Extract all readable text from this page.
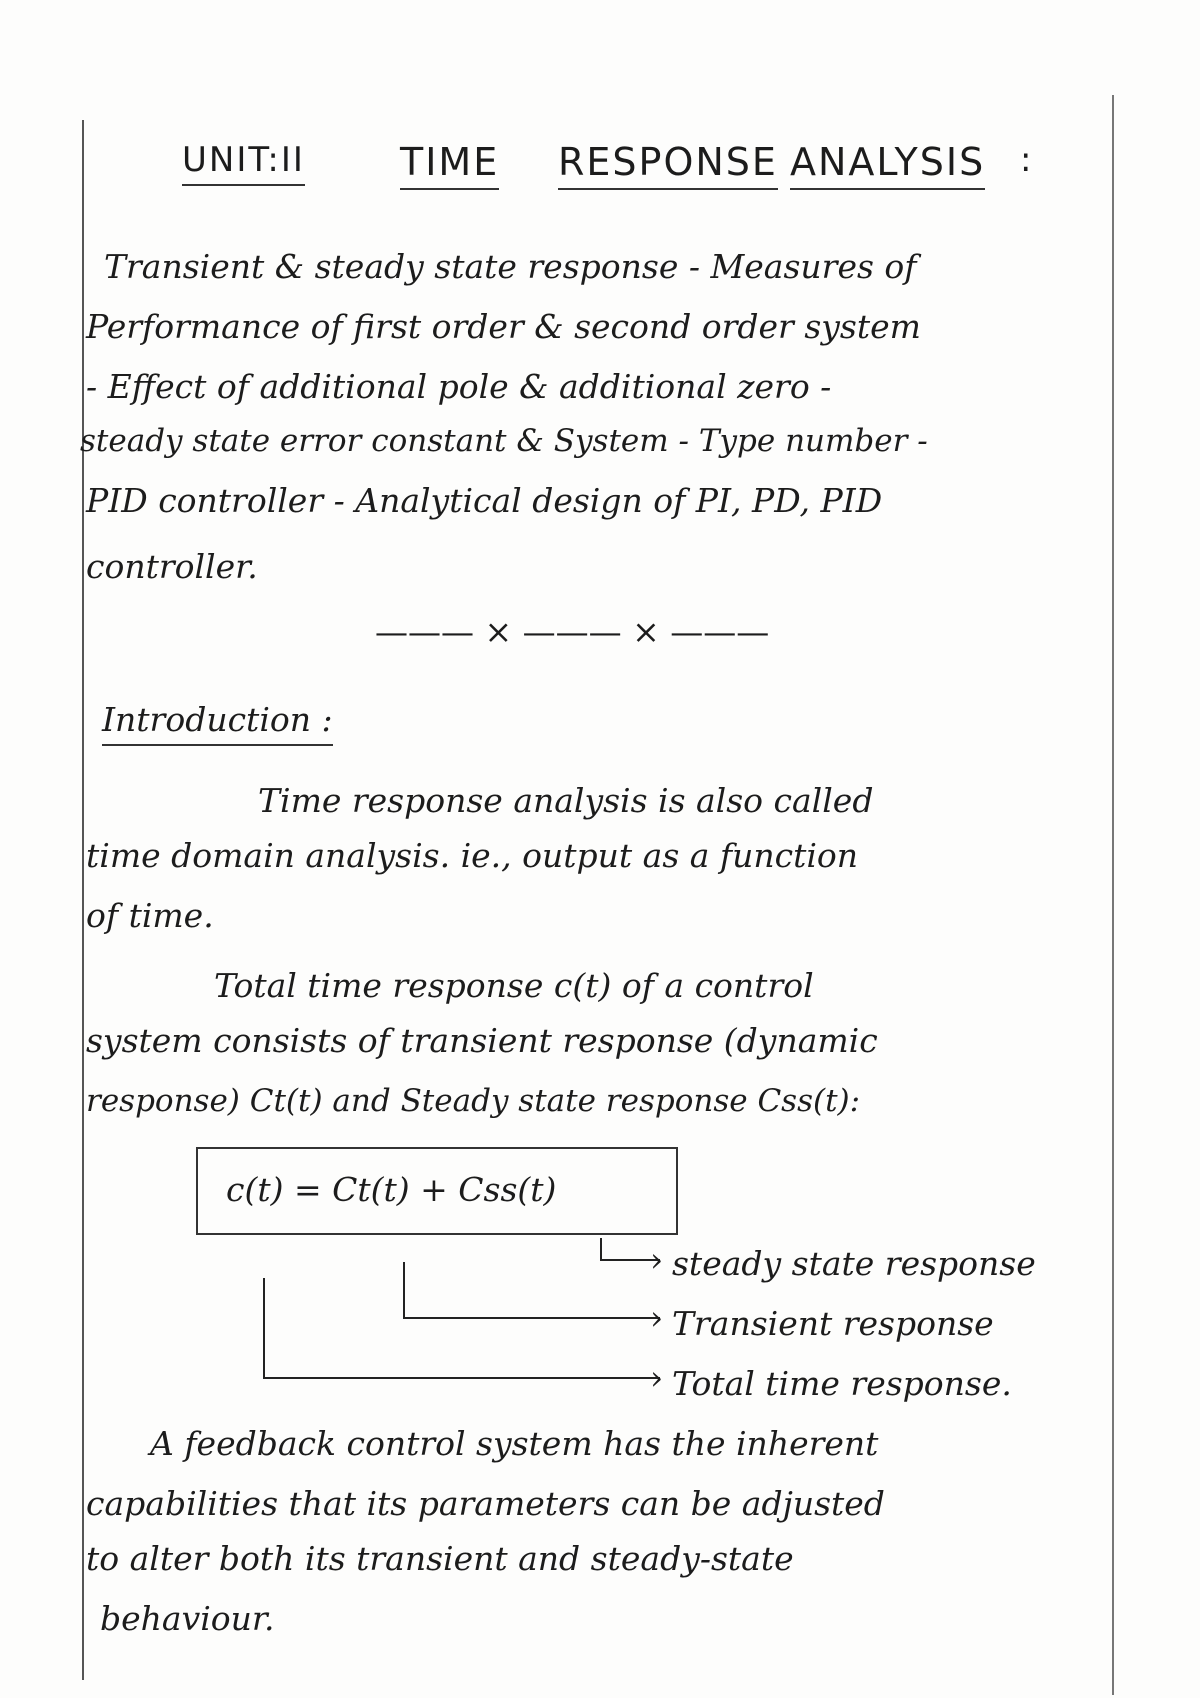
UNIT:II	TIME RESPONSE ANALYSIS :
Transient & steady state response - Measures of
Performance of first order & second order system
- Effect of additional pole & additional zero -
steady state error constant & System - Type number -
PID controller - Analytical design of PI, PD, PID
controller.
——— × ——— × ———
Introduction :
Time response analysis is also called
time domain analysis. ie., output as a function
of time.
Total time response c(t) of a control
system consists of transient response (dynamic
response) Ct(t) and Steady state response Css(t):
c(t) = Ct(t) + Css(t)
›
›
›
steady state response
Transient response
Total time response.
A feedback control system has the inherent
capabilities that its parameters can be adjusted
to alter both its transient and steady-state
behaviour.
